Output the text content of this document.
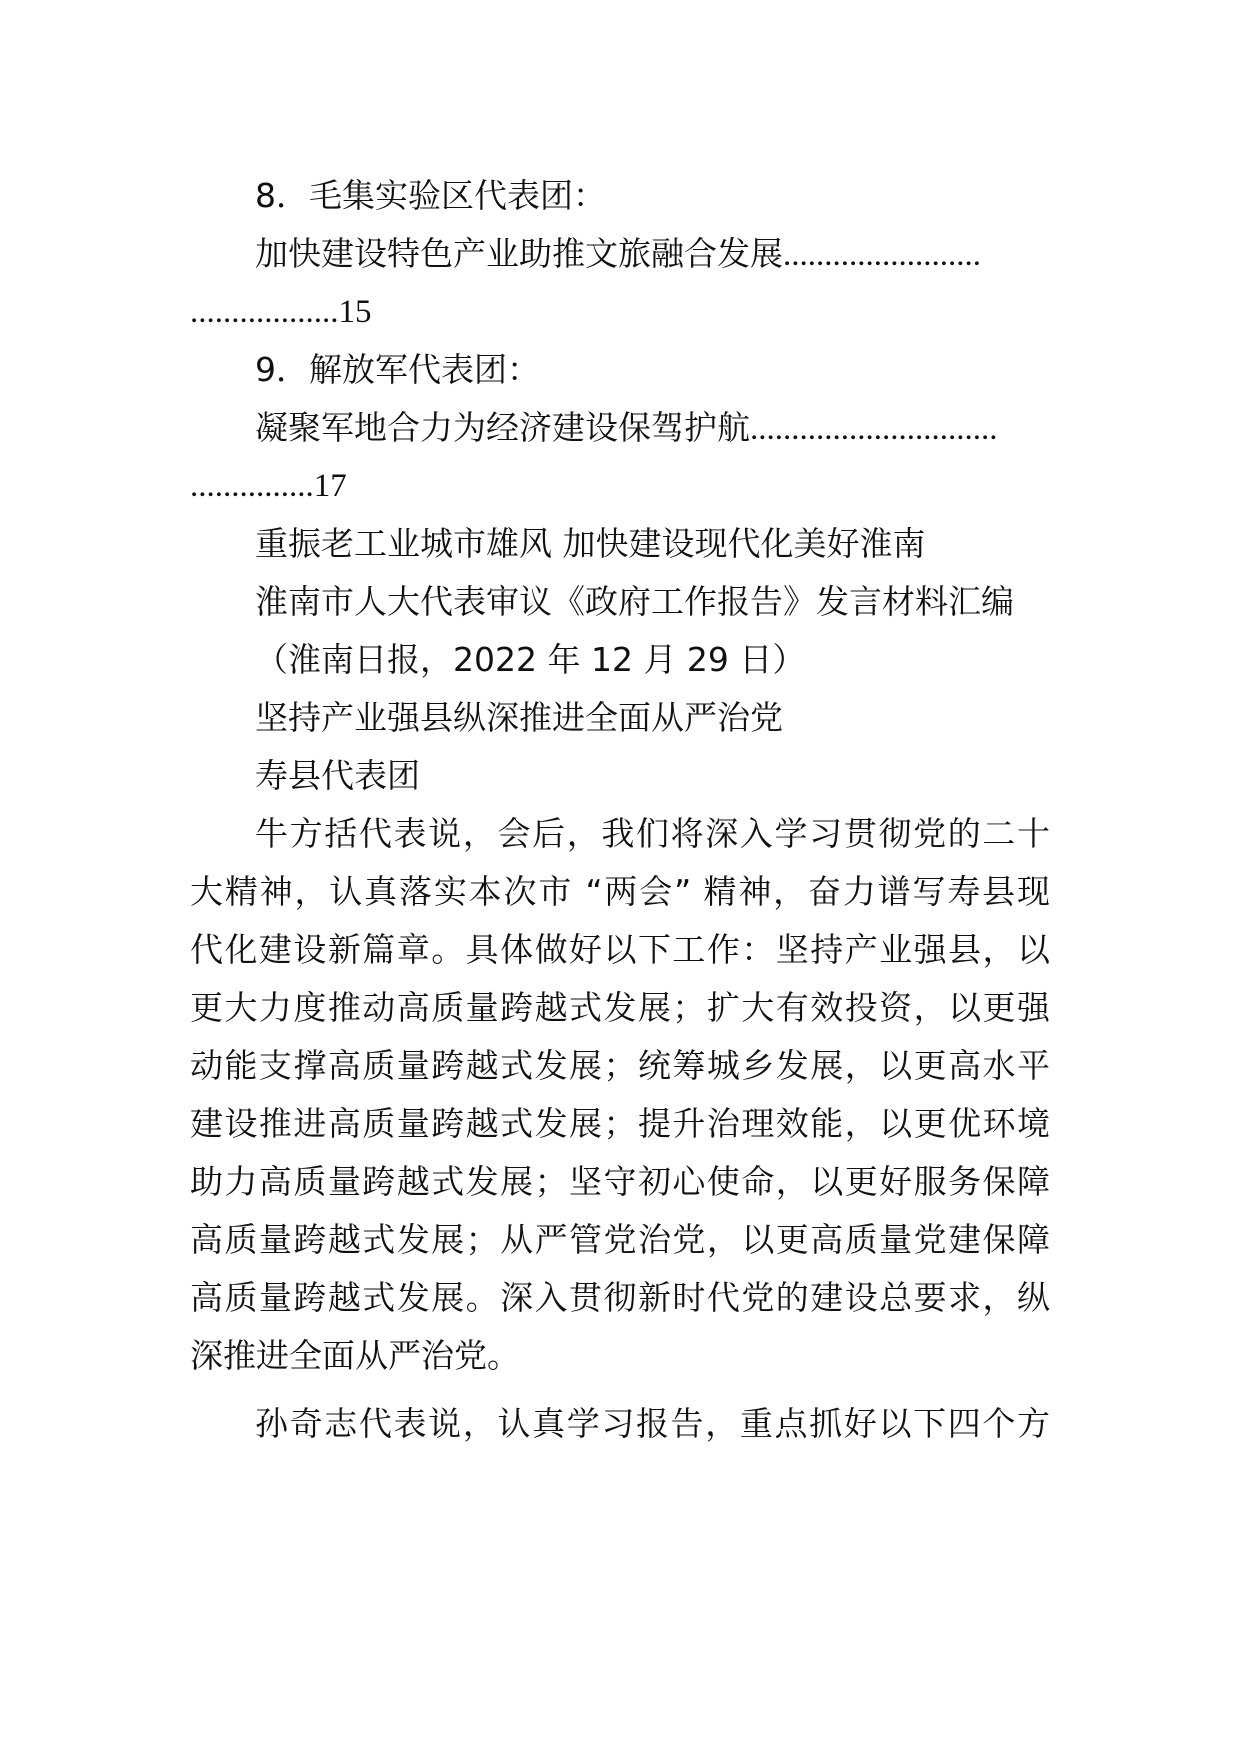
8．毛集实验区代表团：
加快建设特色产业助推文旅融合发展........................
..................15
9．解放军代表团：
凝聚军地合力为经济建设保驾护航..............................
...............17
重振老工业城市雄风 加快建设现代化美好淮南
淮南市人大代表审议《政府工作报告》发言材料汇编
（淮南日报，2022 年 12 月 29 日）
坚持产业强县纵深推进全面从严治党
寿县代表团
牛方括代表说，会后，我们将深入学习贯彻党的二十
大精神，认真落实本次市 “两会” 精神，奋力谱写寿县现
代化建设新篇章。具体做好以下工作：坚持产业强县，以
更大力度推动高质量跨越式发展；扩大有效投资，以更强
动能支撑高质量跨越式发展；统筹城乡发展，以更高水平
建设推进高质量跨越式发展；提升治理效能，以更优环境
助力高质量跨越式发展；坚守初心使命，以更好服务保障
高质量跨越式发展；从严管党治党，以更高质量党建保障
高质量跨越式发展。深入贯彻新时代党的建设总要求，纵
深推进全面从严治党。
孙奇志代表说，认真学习报告，重点抓好以下四个方
